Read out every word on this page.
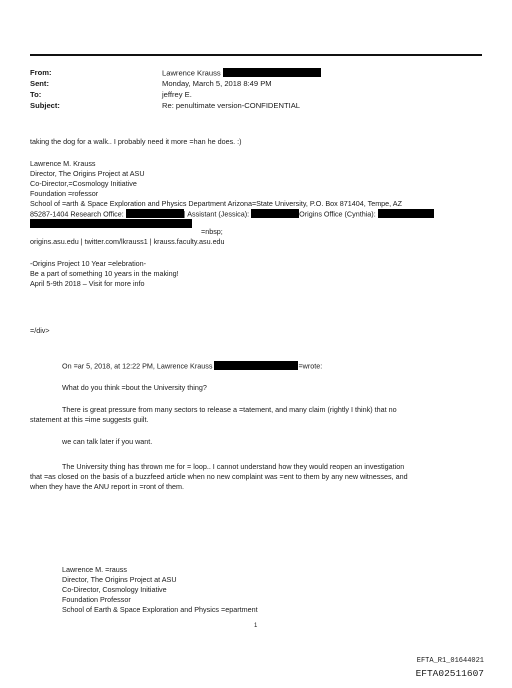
From:	Lawrence Krauss
Sent:	Monday, March 5, 2018 8:49 PM
To:	jeffrey E.
Subject:	Re: penultimate version-CONFIDENTIAL
taking the dog for a walk.. I probably need it more =han he does. :)
Lawrence M. Krauss
Director, The Origins Project at ASU
Co-Director,=Cosmology Initiative
Foundation =rofessor
School of =arth & Space Exploration and Physics Department Arizona=State University, P.O. Box 871404, Tempe, AZ
85287-1404 Research Office:	| Assistant (Jessica):	Origins Office (Cynthia):
=nbsp;
origins.asu.edu | twitter.com/lkrauss1 | krauss.faculty.asu.edu
-Origins Project 10 Year =elebration-
Be a part of something 10 years in the making!
April 5-9th 2018 – Visit for more info
=/div>
On =ar 5, 2018, at 12:22 PM, Lawrence Krauss	=wrote:
What do you think =bout the University thing?
There is great pressure from many sectors to release a =tatement, and many claim (rightly I think) that no
statement at this =ime suggests guilt.
we can talk later if you want.
The University thing has thrown me for = loop.. I cannot understand how they would reopen an investigation
that =as closed on the basis of a buzzfeed article when no new complaint was =ent to them by any new witnesses, and
when they have the ANU report in =ront of them.
Lawrence M. =rauss
Director, The Origins Project at ASU
Co-Director, Cosmology Initiative
Foundation Professor
School of Earth & Space Exploration and Physics =epartment
1
EFTA_R1_01644021
EFTA02511607
